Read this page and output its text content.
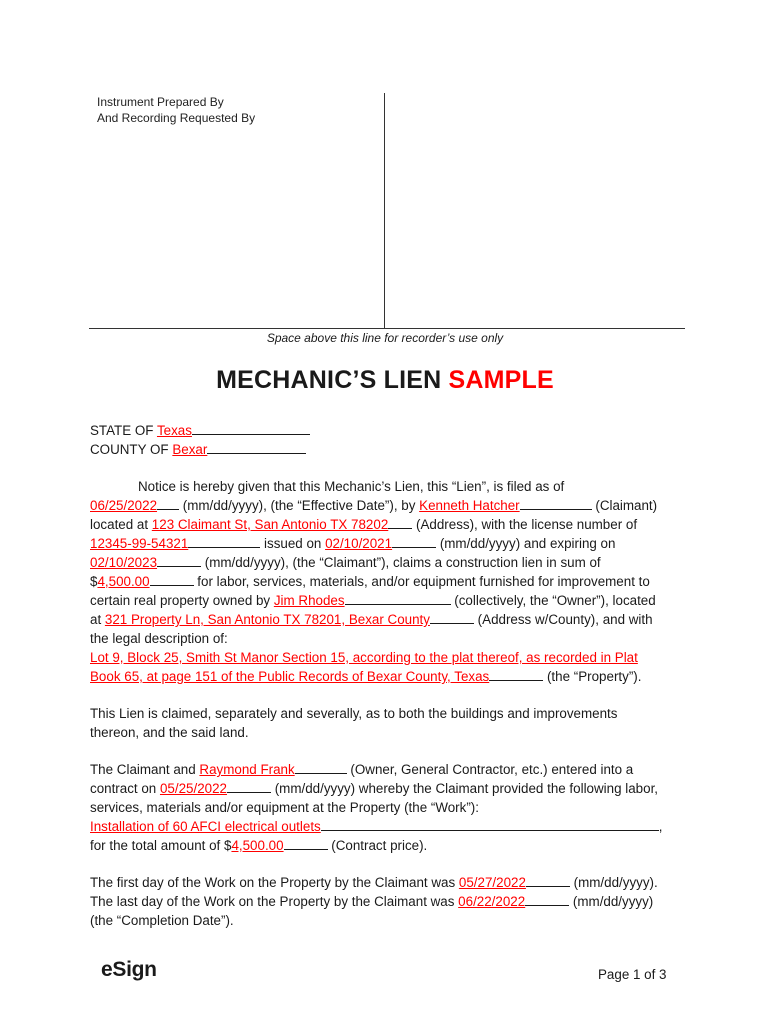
Instrument Prepared By
And Recording Requested By
Space above this line for recorder’s use only
MECHANIC’S LIEN SAMPLE

STATE OF Texas

COUNTY OF Bexar

Notice is hereby given that this Mechanic’s Lien, this “Lien”, is filed as of

06/25/2022 (mm/dd/yyyy), (the “Effective Date”), by Kenneth Hatcher	(Claimant)

located at 123 Claimant St, San Antonio TX 78202 (Address), with the license number of

12345-99-54321	issued on 02/10/2021	(mm/dd/yyyy) and expiring on

02/10/2023	(mm/dd/yyyy), (the “Claimant”), claims a construction lien in sum of

$4,500.00	for labor, services, materials, and/or equipment furnished for improvement to

certain real property owned by Jim Rhodes	(collectively, the “Owner”), located

at 321 Property Ln, San Antonio TX 78201, Bexar County	(Address w/County), and with

the legal description of:

Lot 9, Block 25, Smith St Manor Section 15, according to the plat thereof, as recorded in Plat

Book 65, at page 151 of the Public Records of Bexar County, Texas	(the “Property”).

This Lien is claimed, separately and severally, as to both the buildings and improvements

thereon, and the said land.

The Claimant and Raymond Frank	(Owner, General Contractor, etc.) entered into a

contract on 05/25/2022	(mm/dd/yyyy) whereby the Claimant provided the following labor,

services, materials and/or equipment at the Property (the “Work”):

Installation of 60 AFCI electrical outlets	,

for the total amount of $4,500.00	(Contract price).

The first day of the Work on the Property by the Claimant was 05/27/2022	(mm/dd/yyyy).

The last day of the Work on the Property by the Claimant was 06/22/2022	(mm/dd/yyyy)

(the “Completion Date”).

eSign	Page 1 of 3
